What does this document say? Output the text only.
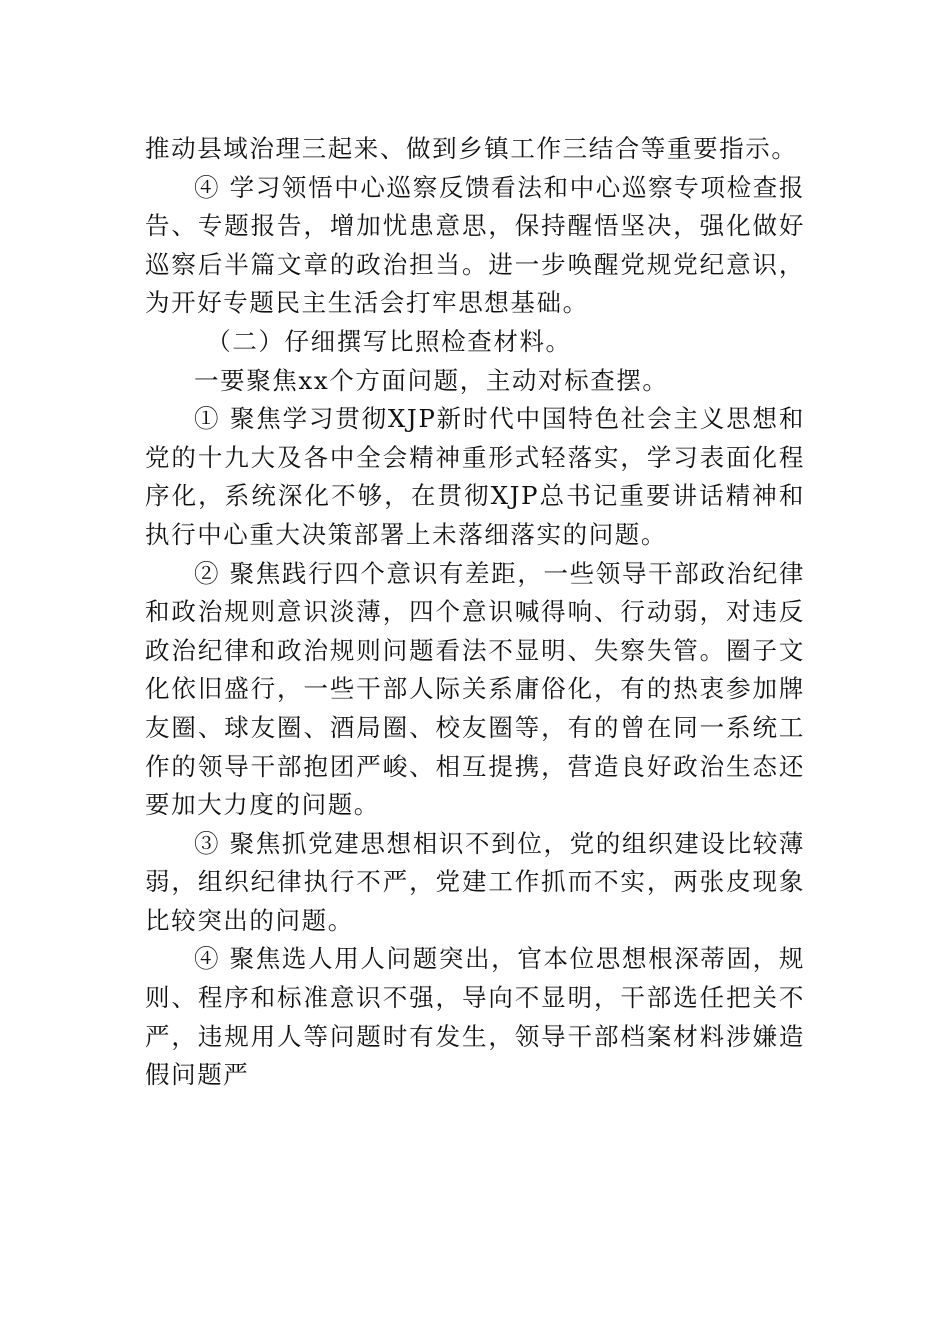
推动县域治理三起来、做到乡镇工作三结合等重要指示。

④ 学习领悟中心巡察反馈看法和中心巡察专项检查报告、专题报告，增加忧患意思，保持醒悟坚决，强化做好巡察后半篇文章的政治担当。进一步唤醒党规党纪意识，为开好专题民主生活会打牢思想基础。

（二）仔细撰写比照检查材料。

一要聚焦xx个方面问题，主动对标查摆。

① 聚焦学习贯彻XJP新时代中国特色社会主义思想和党的十九大及各中全会精神重形式轻落实，学习表面化程序化，系统深化不够，在贯彻XJP总书记重要讲话精神和执行中心重大决策部署上未落细落实的问题。

② 聚焦践行四个意识有差距，一些领导干部政治纪律和政治规则意识淡薄，四个意识喊得响、行动弱，对违反政治纪律和政治规则问题看法不显明、失察失管。圈子文化依旧盛行，一些干部人际关系庸俗化，有的热衷参加牌友圈、球友圈、酒局圈、校友圈等，有的曾在同一系统工作的领导干部抱团严峻、相互提携，营造良好政治生态还要加大力度的问题。

③ 聚焦抓党建思想相识不到位，党的组织建设比较薄弱，组织纪律执行不严，党建工作抓而不实，两张皮现象比较突出的问题。

④ 聚焦选人用人问题突出，官本位思想根深蒂固，规则、程序和标准意识不强，导向不显明，干部选任把关不严，违规用人等问题时有发生，领导干部档案材料涉嫌造假问题严
